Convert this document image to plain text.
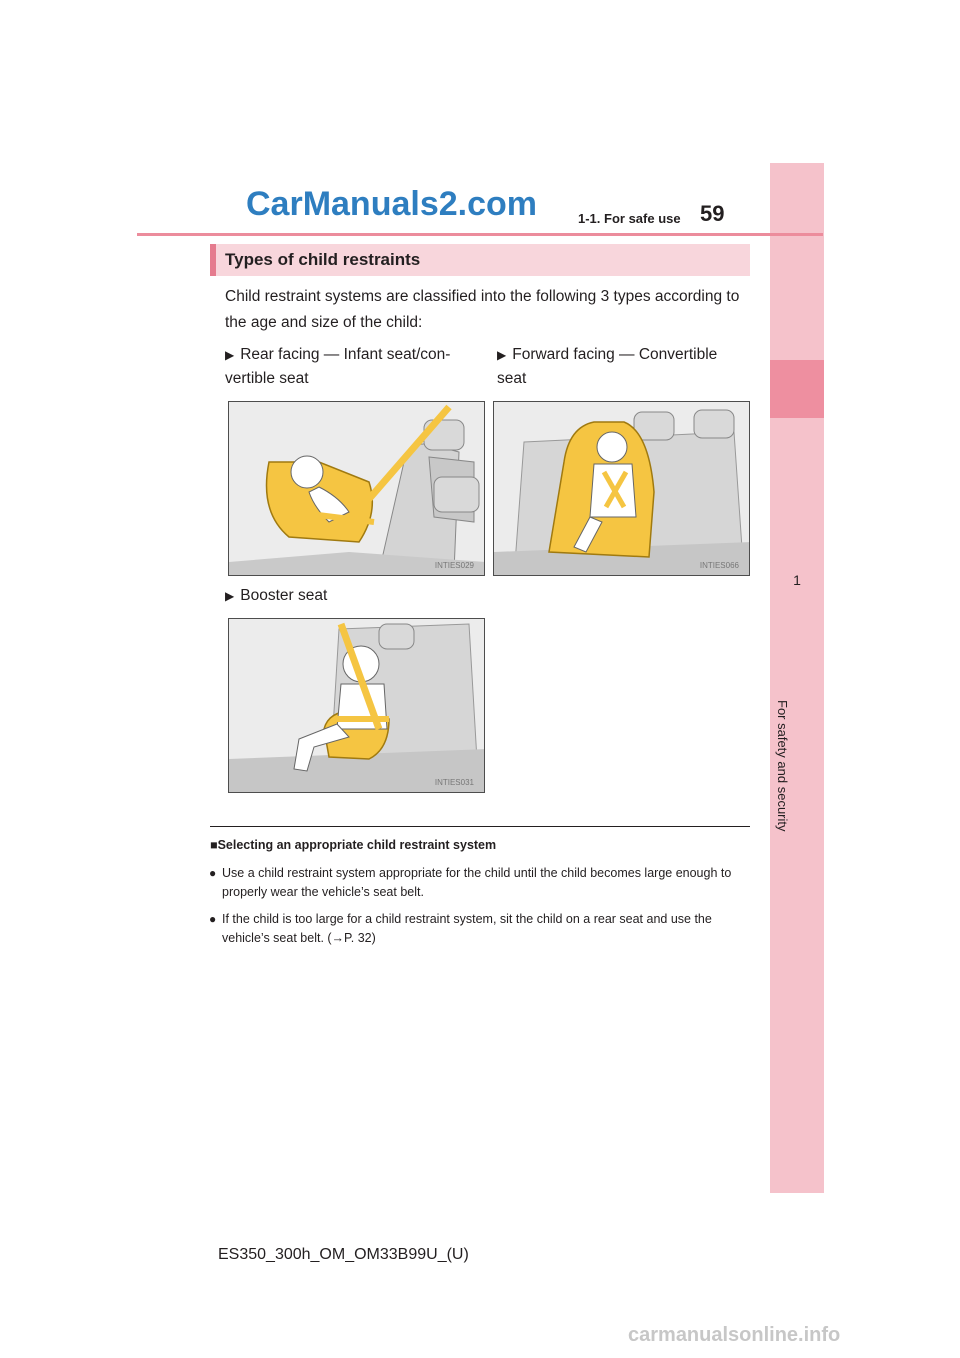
1
For safety and security
CarManuals2.com	1-1. For safe use 59
Types of child restraints
Child restraint systems are classified into the following 3 types according to the age and size of the child:
▶ Rear facing — Infant seat/con-vertible seat
▶ Forward facing — Convertible seat
▶ Booster seat
INTIES029	INTIES066
INTIES031
■Selecting an appropriate child restraint system
● Use a child restraint system appropriate for the child until the child becomes large enough to properly wear the vehicle’s seat belt.
● If the child is too large for a child restraint system, sit the child on a rear seat and use the vehicle’s seat belt. (→P. 32)
ES350_300h_OM_OM33B99U_(U)
carmanualsonline.info
